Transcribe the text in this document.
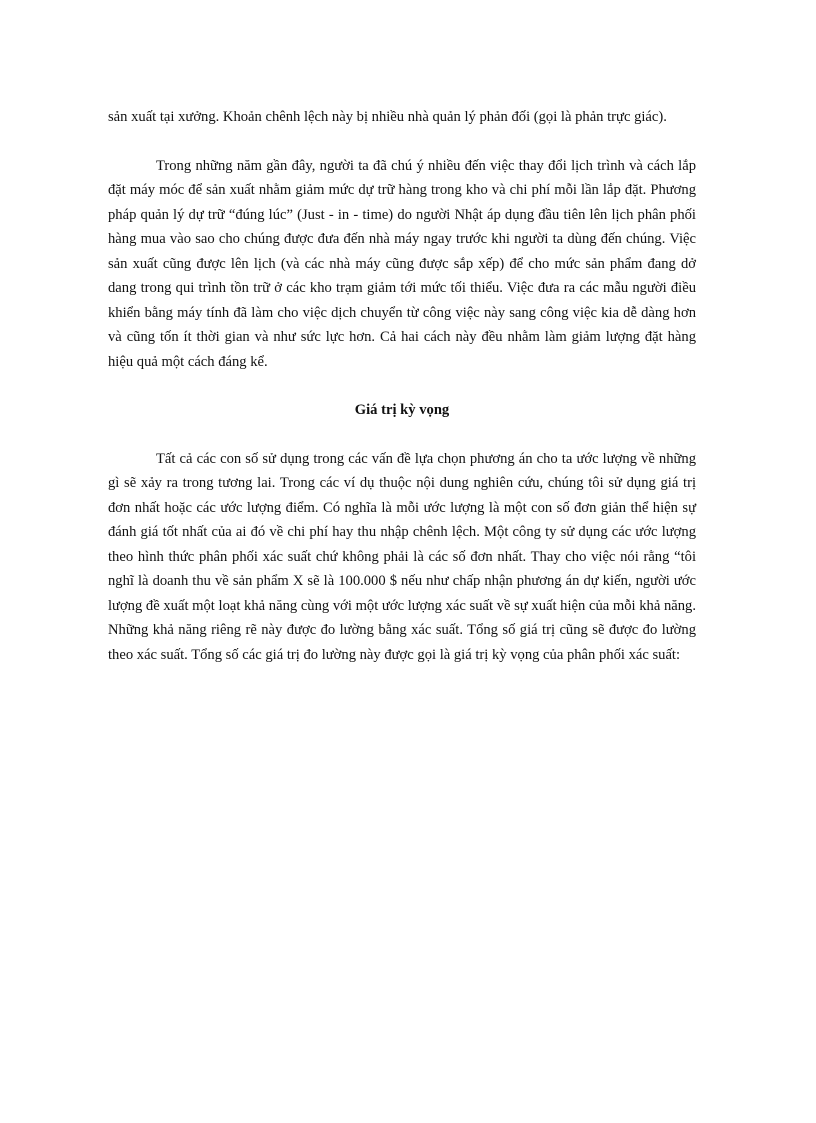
sản xuất tại xưởng. Khoản chênh lệch này bị nhiều nhà quản lý phản đối (gọi là phản trực giác).

Trong những năm gần đây, người ta đã chú ý nhiều đến việc thay đổi lịch trình và cách lắp đặt máy móc để sản xuất nhằm giảm mức dự trữ hàng trong kho và chi phí mỗi lần lắp đặt. Phương pháp quản lý dự trữ “đúng lúc” (Just - in - time) do người Nhật áp dụng đầu tiên lên lịch phân phối hàng mua vào sao cho chúng được đưa đến nhà máy ngay trước khi người ta dùng đến chúng. Việc sản xuất cũng được lên lịch (và các nhà máy cũng được sắp xếp) để cho mức sản phẩm đang dở dang trong qui trình tồn trữ ở các kho trạm giảm tới mức tối thiểu. Việc đưa ra các mẫu người điều khiển bằng máy tính đã làm cho việc dịch chuyển từ công việc này sang công việc kia dễ dàng hơn và cũng tốn ít thời gian và như sức lực hơn. Cả hai cách này đều nhằm làm giảm lượng đặt hàng hiệu quả một cách đáng kể.

Giá trị kỳ vọng

Tất cả các con số sử dụng trong các vấn đề lựa chọn phương án cho ta ước lượng về những gì sẽ xảy ra trong tương lai. Trong các ví dụ thuộc nội dung nghiên cứu, chúng tôi sử dụng giá trị đơn nhất hoặc các ước lượng điểm. Có nghĩa là mỗi ước lượng là một con số đơn giản thể hiện sự đánh giá tốt nhất của ai đó về chi phí hay thu nhập chênh lệch. Một công ty sử dụng các ước lượng theo hình thức phân phối xác suất chứ không phải là các số đơn nhất. Thay cho việc nói rằng “tôi nghĩ là doanh thu về sản phẩm X sẽ là 100.000 $ nếu như chấp nhận phương án dự kiến, người ước lượng đề xuất một loạt khả năng cùng với một ước lượng xác suất về sự xuất hiện của mỗi khả năng. Những khả năng riêng rẽ này được đo lường bằng xác suất. Tổng số giá trị cũng sẽ được đo lường theo xác suất. Tổng số các giá trị đo lường này được gọi là giá trị kỳ vọng của phân phối xác suất:
